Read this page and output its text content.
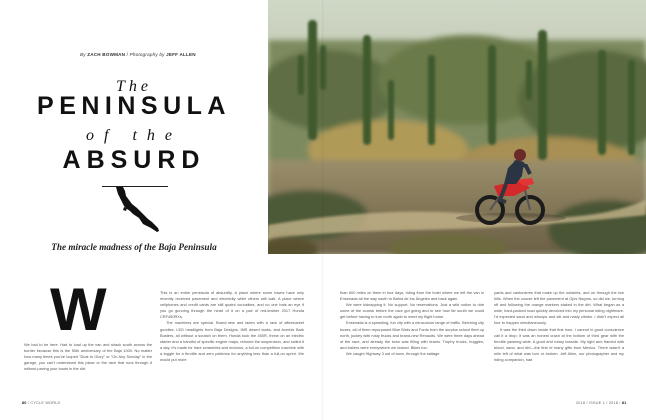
By ZACH BOWMAN / Photography by JEFF ALLEN
The
PENINSULA
of the
ABSURD
The miracle madness of the Baja Peninsula
W

We had to be here. Had to load up the van and shack south across the border because this is the 50th anniversary of the Baja 1000. No matter how many times you've looped “Dust to Glory” or “On Any Sunday” in the garage, you can't understand this place or the race that runs through it without paving your boots in the dirt.

This is an entire peninsula of absurdity. A place where some towns have only recently received pavement and electricity while others still wait. A place where cellphones and credit cards are still quaint curiosities, and no one bats an eye if you go gunning through the heart of it on a pair of red-leather 2017 Honda CRF450RXs.

The machines are special. Brand-new and laden with a rack of aftermarket goodies. LED headlights from Baja Designs, IMS desert tanks, and Acerbis Bark Busters, all without a scratch on them. Honda took the 450R, threw on an electric starter and a handful of specific engine maps, retuned the suspension, and called it a day. It's made for hare scrambles and enduros, a full-on competition machine with a toggle for a throttle and zero patience for anything less than a full-on sprint. We would put more

than 600 miles on them in four days, riding from the hotel where we left the van in Ensenada all the way south to Bahía de los Ángeles and back again.

We were kidnapping it. No support. No reservations. Just a wild notion to ride some of the course before the race got going and to see how far south we could get before having to turn north again to meet my flight home.

Ensenada is a sprawling, fun city with a miraculous range of traffic. Belching city buses, all of them repurposed Blue Birds and Fords from the surplus school fleet up north, jockey with rusty trucks and brand-new Renaults. We were three days ahead of the race, and already the town was filling with teams. Trophy trucks, buggies, and trailers were everywhere we looked. Bikes too.

We caught Highway 3 out of town, through the saltage

yards and cantonieres that make up the outskirts, and on through the low hills. When the course left the pavement at Ojos Negros, so did we, turning off and following the orange markers staked in the dirt. What began as a wide, hard-packed road quickly devolved into my personal riding nightmare. I'd expected sand and whoops and silt and nasty climbs. I didn't expect all four to happen simultaneously.

It was the third down inside that first hour. I cannot in good conscience call it a drop; it was an honest crash at the bottom of third gear with the throttle yawning wide. A good and rotary lowside. My right arm framed with blood, sand, and dirt—the first of many gifts from Mexico. There wasn't a mile left of what was torn or broken. Jeff Allen, our photographer and my riding companion, had

80 / CYCLE WORLD	2018 / ISSUE 1 / 2018 / 81
